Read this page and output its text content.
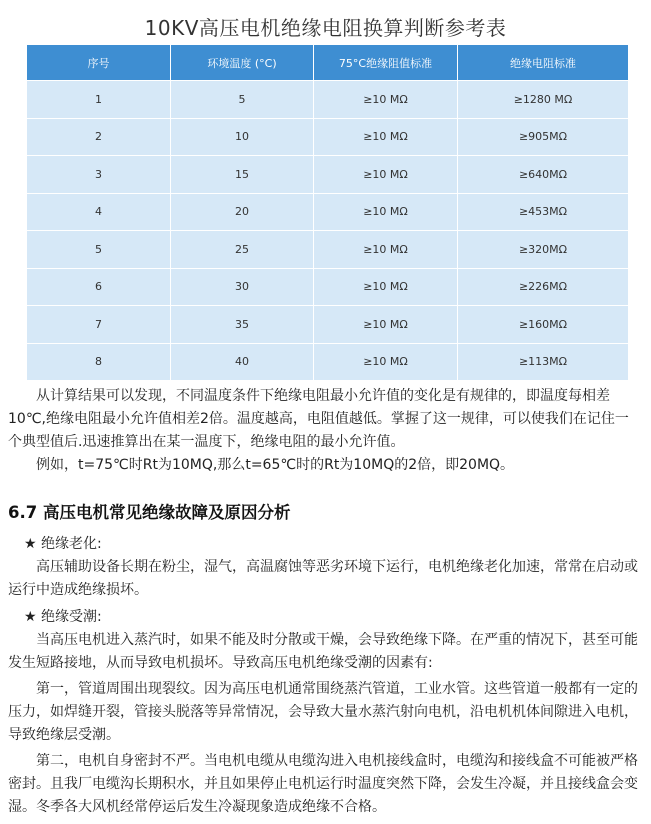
10KV高压电机绝缘电阻换算判断参考表
序号	环境温度 (°C)	75°C绝缘阻值标准	绝缘电阻标准
1	5	≥10 MΩ	≥1280 MΩ
2	10	≥10 MΩ	≥905MΩ
3	15	≥10 MΩ	≥640MΩ
4	20	≥10 MΩ	≥453MΩ
5	25	≥10 MΩ	≥320MΩ
6	30	≥10 MΩ	≥226MΩ
7	35	≥10 MΩ	≥160MΩ
8	40	≥10 MΩ	≥113MΩ

从计算结果可以发现，不同温度条件下绝缘电阻最小允许值的变化是有规律的，即温度每相差10℃,绝缘电阻最小允许值相差2倍。温度越高，电阻值越低。掌握了这一规律，可以使我们在记住一个典型值后.迅速推算出在某一温度下，绝缘电阻的最小允许值。

例如，t=75℃时Rt为10MQ,那么t=65℃时的Rt为10MQ的2倍，即20MQ。

6.7 高压电机常见绝缘故障及原因分析

★ 绝缘老化:

高压辅助设备长期在粉尘，湿气，高温腐蚀等恶劣环境下运行，电机绝缘老化加速，常常在启动或运行中造成绝缘损坏。

★ 绝缘受潮:

当高压电机进入蒸汽时，如果不能及时分散或干燥，会导致绝缘下降。在严重的情况下，甚至可能发生短路接地，从而导致电机损坏。导致高压电机绝缘受潮的因素有:

第一，管道周围出现裂纹。因为高压电机通常围绕蒸汽管道，工业水管。这些管道一般都有一定的压力，如焊缝开裂，管接头脱落等异常情况，会导致大量水蒸汽射向电机，沿电机机体间隙进入电机，导致绝缘层受潮。

第二，电机自身密封不严。当电机电缆从电缆沟进入电机接线盒时，电缆沟和接线盒不可能被严格密封。且我厂电缆沟长期积水，并且如果停止电机运行时温度突然下降，会发生冷凝，并且接线盒会变湿。冬季各大风机经常停运后发生冷凝现象造成绝缘不合格。
